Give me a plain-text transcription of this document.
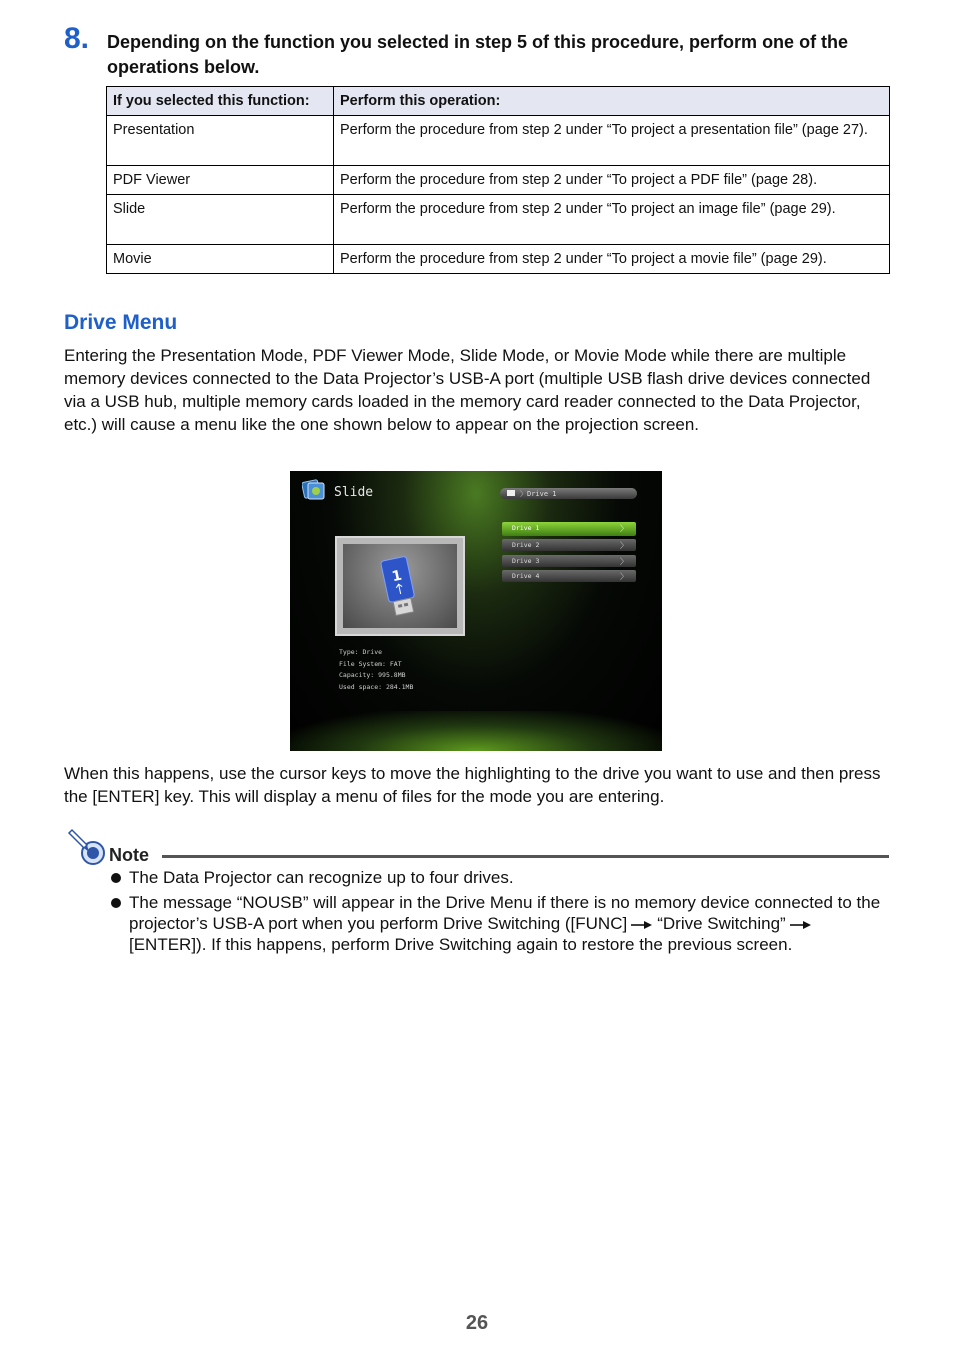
8. Depending on the function you selected in step 5 of this procedure, perform one of the operations below.
If you selected this function:	Perform this operation:
Presentation	Perform the procedure from step 2 under “To project a presentation file” (page 27).
PDF Viewer	Perform the procedure from step 2 under “To project a PDF file” (page 28).
Slide	Perform the procedure from step 2 under “To project an image file” (page 29).
Movie	Perform the procedure from step 2 under “To project a movie file” (page 29).
Drive Menu

Entering the Presentation Mode, PDF Viewer Mode, Slide Mode, or Movie Mode while there are multiple memory devices connected to the Data Projector’s USB-A port (multiple USB flash drive devices connected via a USB hub, multiple memory cards loaded in the memory card reader connected to the Data Projector, etc.) will cause a menu like the one shown below to appear on the projection screen.

Slide	〉Drive 1
Drive 1	〉
Drive 2	〉
Drive 3	〉
Drive 4	〉
1
Type: Drive
File System: FAT
Capacity: 995.8MB
Used space: 284.1MB

When this happens, use the cursor keys to move the highlighting to the drive you want to use and then press the [ENTER] key. This will display a menu of files for the mode you are entering.

Note
The Data Projector can recognize up to four drives.
The message “NOUSB” will appear in the Drive Menu if there is no memory device connected to the projector’s USB-A port when you perform Drive Switching ([FUNC] “Drive Switching”[ENTER]). If this happens, perform Drive Switching again to restore the previous screen.
26
